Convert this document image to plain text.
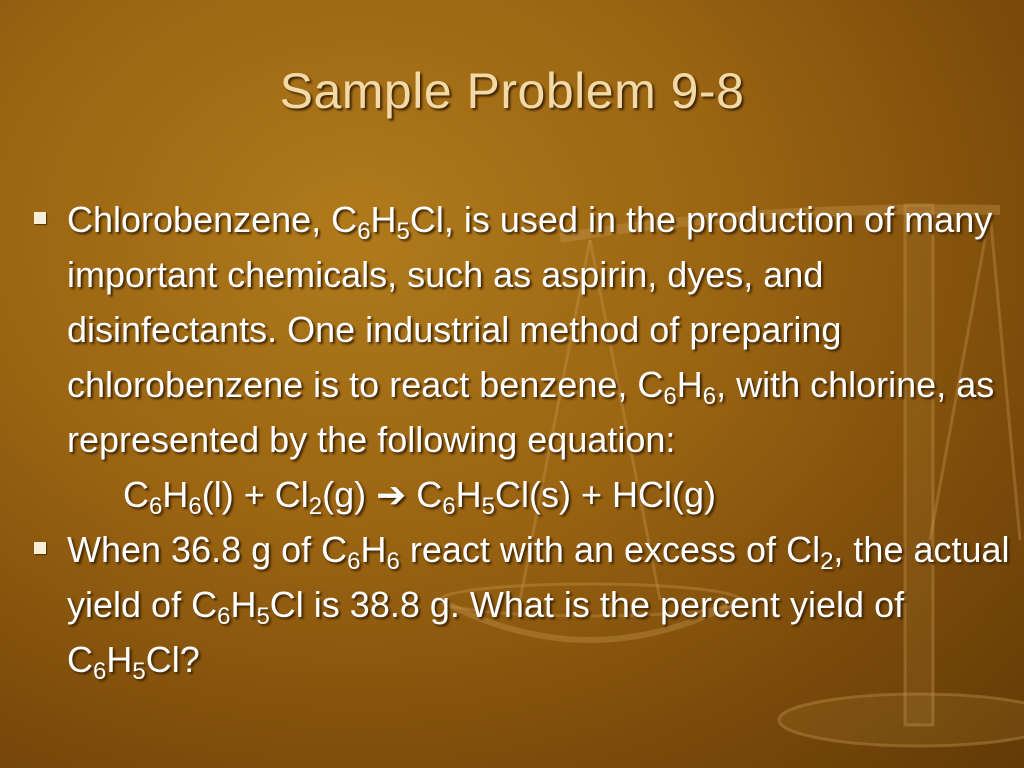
Sample Problem 9-8
Chlorobenzene, $C_6H_5Cl$, is used in the production of many important chemicals, such as aspirin, dyes, and disinfectants. One industrial method of preparing chlorobenzene is to react benzene, $C_6H_6$, with chlorine, as represented by the following equation:
$C_6H_6(l) + Cl_2(g)$ ➔ $C_6H_5Cl(s) + HCl(g)$
When 36.8 g of $C_6H_6$ react with an excess of $Cl_2$, the actual yield of $C_6H_5Cl$ is 38.8 g. What is the percent yield of $C_6H_5Cl$?
